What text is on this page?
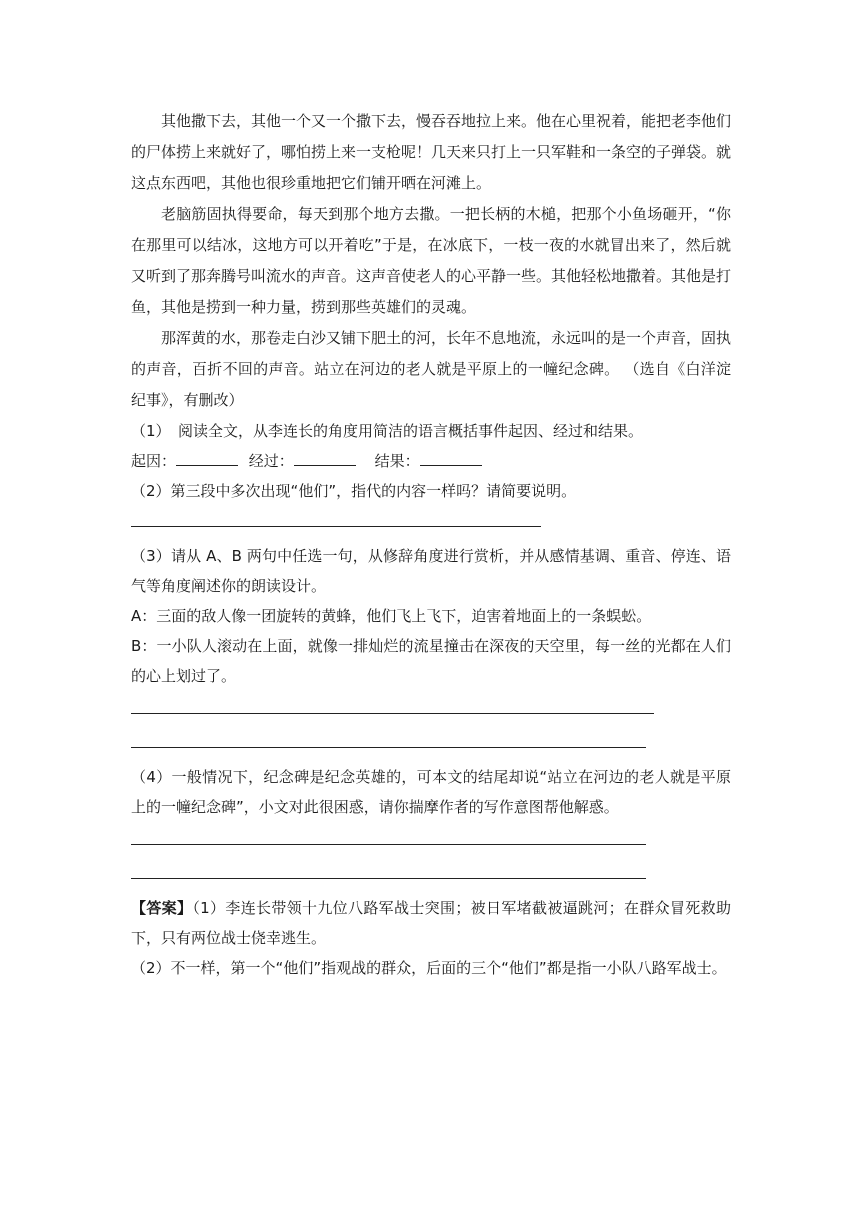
其他撒下去，其他一个又一个撒下去，慢吞吞地拉上来。他在心里祝着，能把老李他们的尸体捞上来就好了，哪怕捞上来一支枪呢！几天来只打上一只军鞋和一条空的子弹袋。就这点东西吧，其他也很珍重地把它们铺开晒在河滩上。

老脑筋固执得要命，每天到那个地方去撒。一把长柄的木槌，把那个小鱼场砸开，“你在那里可以结冰，这地方可以开着吃”于是，在冰底下，一枝一夜的水就冒出来了，然后就又听到了那奔腾号叫流水的声音。这声音使老人的心平静一些。其他轻松地撒着。其他是打鱼，其他是捞到一种力量，捞到那些英雄们的灵魂。

那浑黄的水，那卷走白沙又铺下肥土的河，长年不息地流，永远叫的是一个声音，固执的声音，百折不回的声音。站立在河边的老人就是平原上的一幢纪念碑。 （选自《白洋淀纪事》，有删改）

（1）　阅读全文，从李连长的角度用简洁的语言概括事件起因、经过和结果。

起因：	经过：	结果：

（2）第三段中多次出现“他们”，指代的内容一样吗？请简要说明。

（3）请从 A、B 两句中任选一句，从修辞角度进行赏析，并从感情基调、重音、停连、语气等角度阐述你的朗读设计。

A：三面的敌人像一团旋转的黄蜂，他们飞上飞下，迫害着地面上的一条蜈蚣。

B：一小队人滚动在上面，就像一排灿烂的流星撞击在深夜的天空里，每一丝的光都在人们的心上划过了。

（4）一般情况下，纪念碑是纪念英雄的，可本文的结尾却说“站立在河边的老人就是平原上的一幢纪念碑”，小文对此很困惑，请你揣摩作者的写作意图帮他解惑。

【答案】（1）李连长带领十九位八路军战士突围；被日军堵截被逼跳河；在群众冒死救助下，只有两位战士侥幸逃生。

（2）不一样，第一个“他们”指观战的群众，后面的三个“他们”都是指一小队八路军战士。
